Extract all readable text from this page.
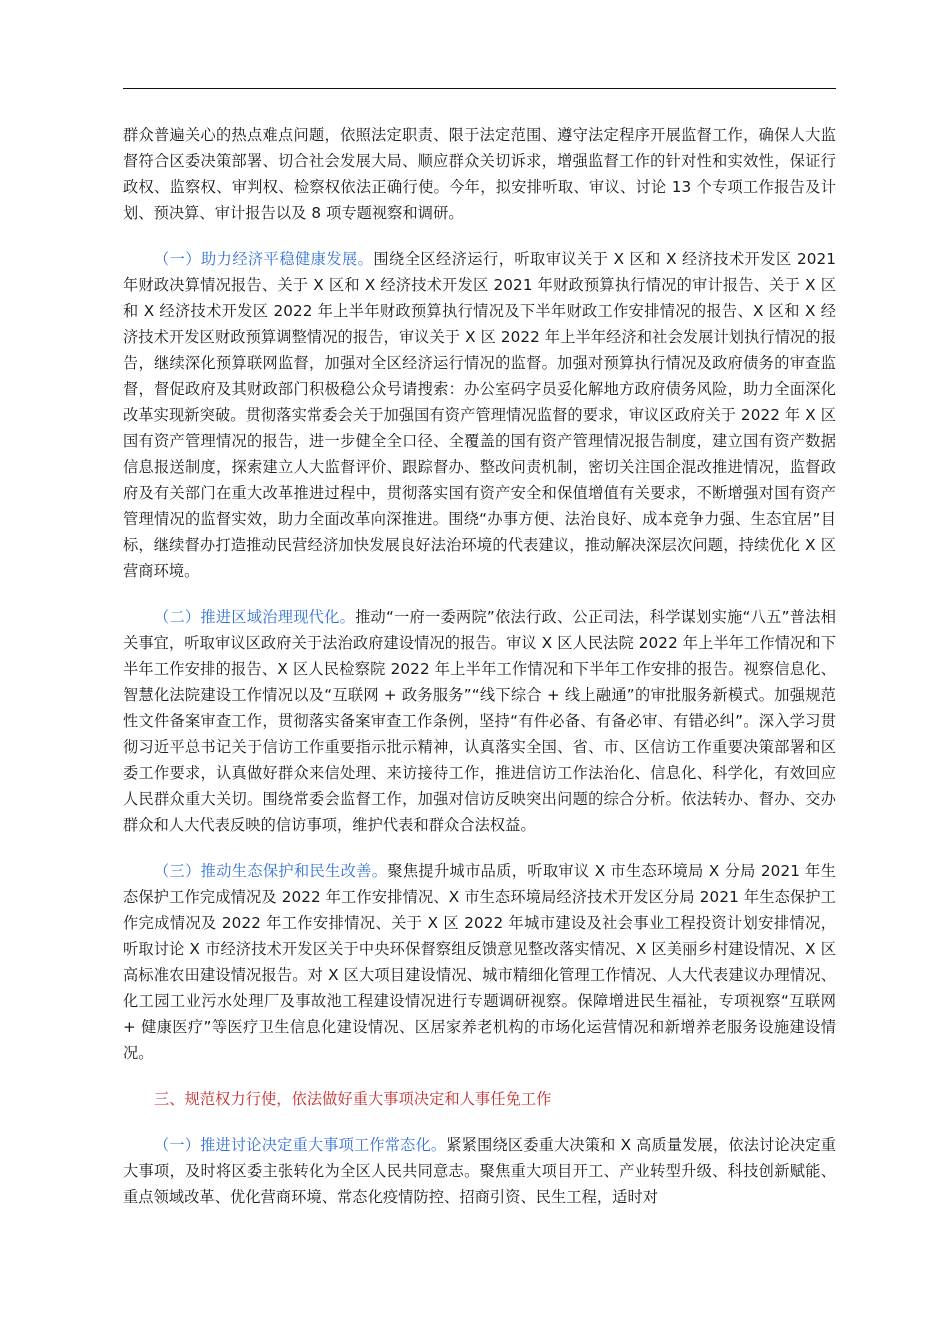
群众普遍关心的热点难点问题，依照法定职责、限于法定范围、遵守法定程序开展监督工作，确保人大监督符合区委决策部署、切合社会发展大局、顺应群众关切诉求，增强监督工作的针对性和实效性，保证行政权、监察权、审判权、检察权依法正确行使。今年，拟安排听取、审议、讨论 13 个专项工作报告及计划、预决算、审计报告以及 8 项专题视察和调研。

（一）助力经济平稳健康发展。围绕全区经济运行，听取审议关于 X 区和 X 经济技术开发区 2021 年财政决算情况报告、关于 X 区和 X 经济技术开发区 2021 年财政预算执行情况的审计报告、关于 X 区和 X 经济技术开发区 2022 年上半年财政预算执行情况及下半年财政工作安排情况的报告、X 区和 X 经济技术开发区财政预算调整情况的报告，审议关于 X 区 2022 年上半年经济和社会发展计划执行情况的报告，继续深化预算联网监督，加强对全区经济运行情况的监督。加强对预算执行情况及政府债务的审查监督，督促政府及其财政部门积极稳公众号请搜索：办公室码字员妥化解地方政府债务风险，助力全面深化改革实现新突破。贯彻落实常委会关于加强国有资产管理情况监督的要求，审议区政府关于 2022 年 X 区国有资产管理情况的报告，进一步健全全口径、全覆盖的国有资产管理情况报告制度，建立国有资产数据信息报送制度，探索建立人大监督评价、跟踪督办、整改问责机制，密切关注国企混改推进情况，监督政府及有关部门在重大改革推进过程中，贯彻落实国有资产安全和保值增值有关要求，不断增强对国有资产管理情况的监督实效，助力全面改革向深推进。围绕“办事方便、法治良好、成本竞争力强、生态宜居”目标，继续督办打造推动民营经济加快发展良好法治环境的代表建议，推动解决深层次问题，持续优化 X 区营商环境。

（二）推进区域治理现代化。推动“一府一委两院”依法行政、公正司法，科学谋划实施“八五”普法相关事宜，听取审议区政府关于法治政府建设情况的报告。审议 X 区人民法院 2022 年上半年工作情况和下半年工作安排的报告、X 区人民检察院 2022 年上半年工作情况和下半年工作安排的报告。视察信息化、智慧化法院建设工作情况以及“互联网 + 政务服务”“线下综合 + 线上融通”的审批服务新模式。加强规范性文件备案审查工作，贯彻落实备案审查工作条例，坚持“有件必备、有备必审、有错必纠”。深入学习贯彻习近平总书记关于信访工作重要指示批示精神，认真落实全国、省、市、区信访工作重要决策部署和区委工作要求，认真做好群众来信处理、来访接待工作，推进信访工作法治化、信息化、科学化，有效回应人民群众重大关切。围绕常委会监督工作，加强对信访反映突出问题的综合分析。依法转办、督办、交办群众和人大代表反映的信访事项，维护代表和群众合法权益。

（三）推动生态保护和民生改善。聚焦提升城市品质，听取审议 X 市生态环境局 X 分局 2021 年生态保护工作完成情况及 2022 年工作安排情况、X 市生态环境局经济技术开发区分局 2021 年生态保护工作完成情况及 2022 年工作安排情况、关于 X 区 2022 年城市建设及社会事业工程投资计划安排情况，听取讨论 X 市经济技术开发区关于中央环保督察组反馈意见整改落实情况、X 区美丽乡村建设情况、X 区高标准农田建设情况报告。对 X 区大项目建设情况、城市精细化管理工作情况、人大代表建议办理情况、化工园工业污水处理厂及事故池工程建设情况进行专题调研视察。保障增进民生福祉，专项视察“互联网 + 健康医疗”等医疗卫生信息化建设情况、区居家养老机构的市场化运营情况和新增养老服务设施建设情况。

三、规范权力行使，依法做好重大事项决定和人事任免工作

（一）推进讨论决定重大事项工作常态化。紧紧围绕区委重大决策和 X 高质量发展，依法讨论决定重大事项，及时将区委主张转化为全区人民共同意志。聚焦重大项目开工、产业转型升级、科技创新赋能、重点领域改革、优化营商环境、常态化疫情防控、招商引资、民生工程，适时对
